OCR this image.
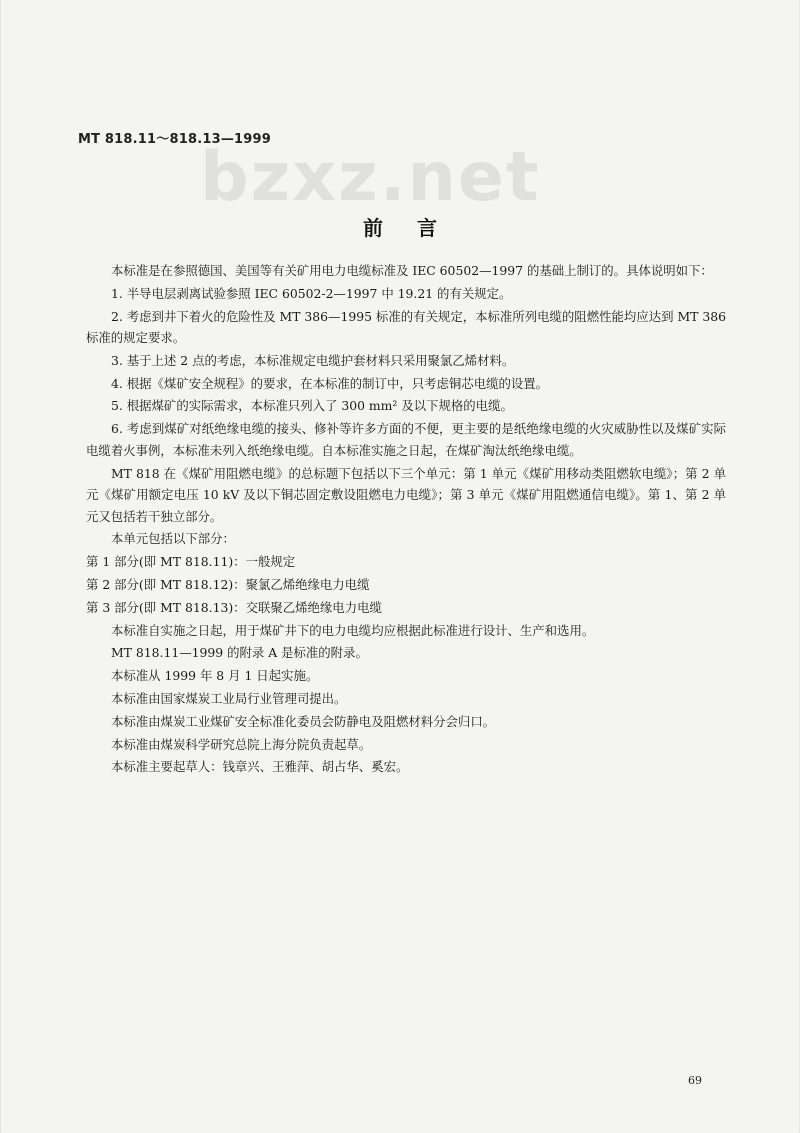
MT 818.11～818.13—1999
bzxz.net
前言

本标准是在参照德国、美国等有关矿用电力电缆标准及 IEC 60502—1997 的基础上制订的。具体说明如下：

1. 半导电层剥离试验参照 IEC 60502-2—1997 中 19.21 的有关规定。

2. 考虑到井下着火的危险性及 MT 386—1995 标准的有关规定，本标准所列电缆的阻燃性能均应达到 MT 386 标准的规定要求。

3. 基于上述 2 点的考虑，本标准规定电缆护套材料只采用聚氯乙烯材料。

4. 根据《煤矿安全规程》的要求，在本标准的制订中，只考虑铜芯电缆的设置。

5. 根据煤矿的实际需求，本标准只列入了 300 mm² 及以下规格的电缆。

6. 考虑到煤矿对纸绝缘电缆的接头、修补等许多方面的不便，更主要的是纸绝缘电缆的火灾威胁性以及煤矿实际电缆着火事例，本标准未列入纸绝缘电缆。自本标准实施之日起，在煤矿淘汰纸绝缘电缆。

MT 818 在《煤矿用阻燃电缆》的总标题下包括以下三个单元：第 1 单元《煤矿用移动类阻燃软电缆》；第 2 单元《煤矿用额定电压 10 kV 及以下铜芯固定敷设阻燃电力电缆》；第 3 单元《煤矿用阻燃通信电缆》。第 1、第 2 单元又包括若干独立部分。

本单元包括以下部分：

第 1 部分(即 MT 818.11)：一般规定

第 2 部分(即 MT 818.12)：聚氯乙烯绝缘电力电缆

第 3 部分(即 MT 818.13)：交联聚乙烯绝缘电力电缆

本标准自实施之日起，用于煤矿井下的电力电缆均应根据此标准进行设计、生产和选用。

MT 818.11—1999 的附录 A 是标准的附录。

本标准从 1999 年 8 月 1 日起实施。

本标准由国家煤炭工业局行业管理司提出。

本标准由煤炭工业煤矿安全标准化委员会防静电及阻燃材料分会归口。

本标准由煤炭科学研究总院上海分院负责起草。

本标准主要起草人：钱章兴、王雅萍、胡占华、奚宏。

69
